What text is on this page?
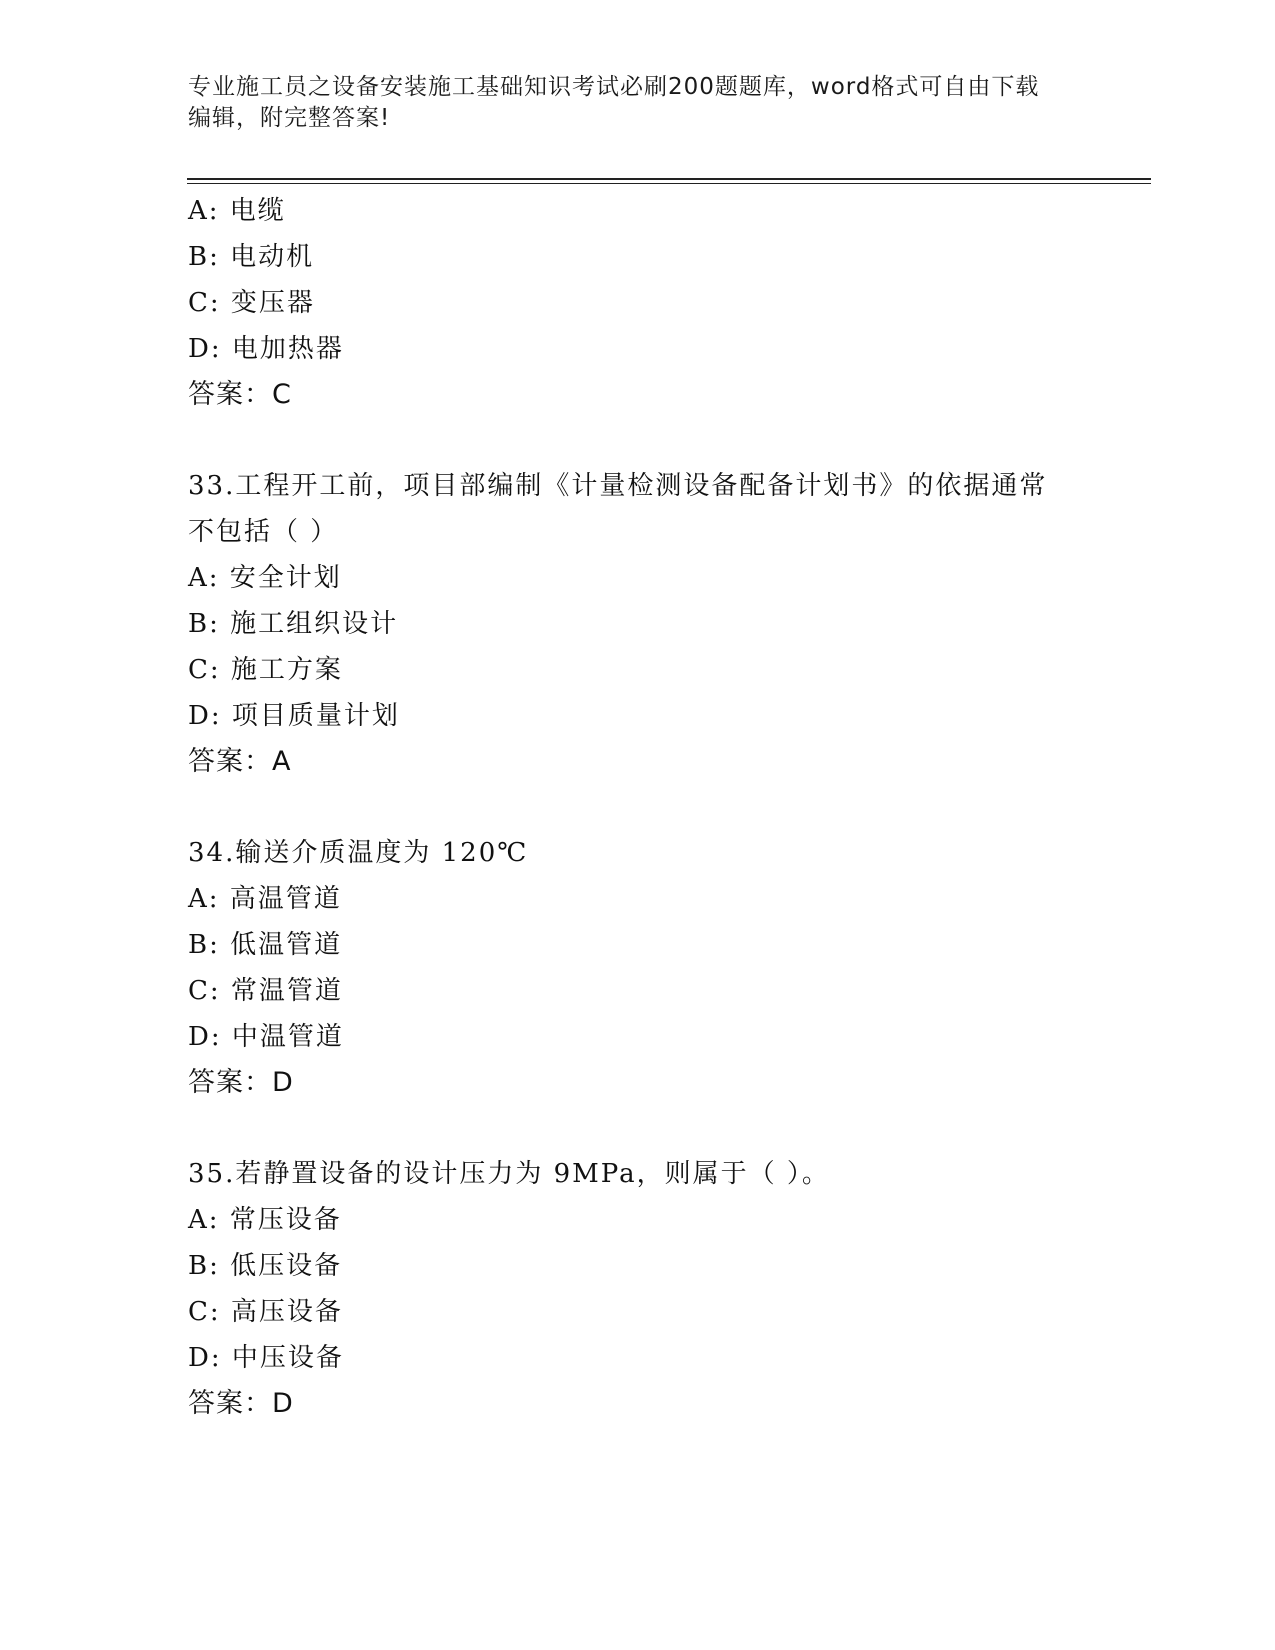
专业施工员之设备安装施工基础知识考试必刷200题题库，word格式可自由下载
编辑，附完整答案!
A: 电缆
B: 电动机
C: 变压器
D: 电加热器
答案：C
33.工程开工前，项目部编制《计量检测设备配备计划书》的依据通常
不包括（ ）
A: 安全计划
B: 施工组织设计
C: 施工方案
D: 项目质量计划
答案：A
34.输送介质温度为 120℃
A: 高温管道
B: 低温管道
C: 常温管道
D: 中温管道
答案：D
35.若静置设备的设计压力为 9MPa，则属于（ ）。
A: 常压设备
B: 低压设备
C: 高压设备
D: 中压设备
答案：D
